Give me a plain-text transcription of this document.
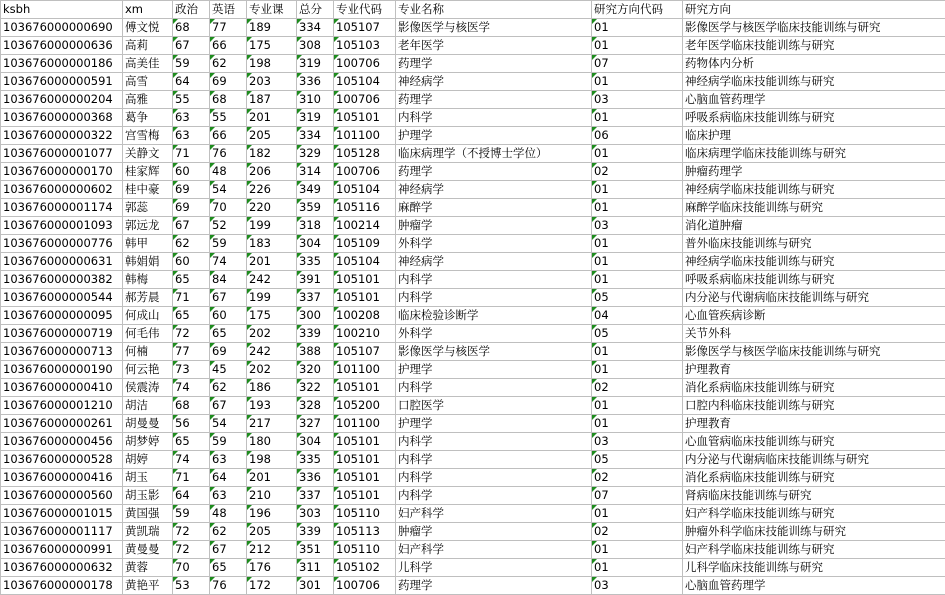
ksbh	xm	政治	英语	专业课	总分	专业代码	专业名称	研究方向代码	研究方向
103676000000690	傅文悦	68	77	189	334	105107	影像医学与核医学	01	影像医学与核医学临床技能训练与研究
103676000000636	高莉	67	66	175	308	105103	老年医学	01	老年医学临床技能训练与研究
103676000000186	高美佳	59	62	198	319	100706	药理学	07	药物体内分析
103676000000591	高雪	64	69	203	336	105104	神经病学	01	神经病学临床技能训练与研究
103676000000204	高雅	55	68	187	310	100706	药理学	03	心脑血管药理学
103676000000368	葛争	63	55	201	319	105101	内科学	01	呼吸系病临床技能训练与研究
103676000000322	宫雪梅	63	66	205	334	101100	护理学	06	临床护理
103676000001077	关静文	71	76	182	329	105128	临床病理学（不授博士学位）	01	临床病理学临床技能训练与研究
103676000000170	桂家辉	60	48	206	314	100706	药理学	02	肿瘤药理学
103676000000602	桂中豪	69	54	226	349	105104	神经病学	01	神经病学临床技能训练与研究
103676000001174	郭蕊	69	70	220	359	105116	麻醉学	01	麻醉学临床技能训练与研究
103676000001093	郭远龙	67	52	199	318	100214	肿瘤学	03	消化道肿瘤
103676000000776	韩甲	62	59	183	304	105109	外科学	01	普外临床技能训练与研究
103676000000631	韩娟娟	60	74	201	335	105104	神经病学	01	神经病学临床技能训练与研究
103676000000382	韩梅	65	84	242	391	105101	内科学	01	呼吸系病临床技能训练与研究
103676000000544	郝芳晨	71	67	199	337	105101	内科学	05	内分泌与代谢病临床技能训练与研究
103676000000095	何成山	65	60	175	300	100208	临床检验诊断学	04	心血管疾病诊断
103676000000719	何毛伟	72	65	202	339	100210	外科学	05	关节外科
103676000000713	何楠	77	69	242	388	105107	影像医学与核医学	01	影像医学与核医学临床技能训练与研究
103676000000190	何云艳	73	45	202	320	101100	护理学	01	护理教育
103676000000410	侯震涛	74	62	186	322	105101	内科学	02	消化系病临床技能训练与研究
103676000001210	胡洁	68	67	193	328	105200	口腔医学	01	口腔内科临床技能训练与研究
103676000000261	胡曼曼	56	54	217	327	101100	护理学	01	护理教育
103676000000456	胡梦婷	65	59	180	304	105101	内科学	03	心血管病临床技能训练与研究
103676000000528	胡婷	74	63	198	335	105101	内科学	05	内分泌与代谢病临床技能训练与研究
103676000000416	胡玉	71	64	201	336	105101	内科学	02	消化系病临床技能训练与研究
103676000000560	胡玉影	64	63	210	337	105101	内科学	07	肾病临床技能训练与研究
103676000001015	黄国强	59	48	196	303	105110	妇产科学	01	妇产科学临床技能训练与研究
103676000001117	黄凯瑞	72	62	205	339	105113	肿瘤学	02	肿瘤外科学临床技能训练与研究
103676000000991	黄曼曼	72	67	212	351	105110	妇产科学	01	妇产科学临床技能训练与研究
103676000000632	黄蓉	70	65	176	311	105102	儿科学	01	儿科学临床技能训练与研究
103676000000178	黄艳平	53	76	172	301	100706	药理学	03	心脑血管药理学
